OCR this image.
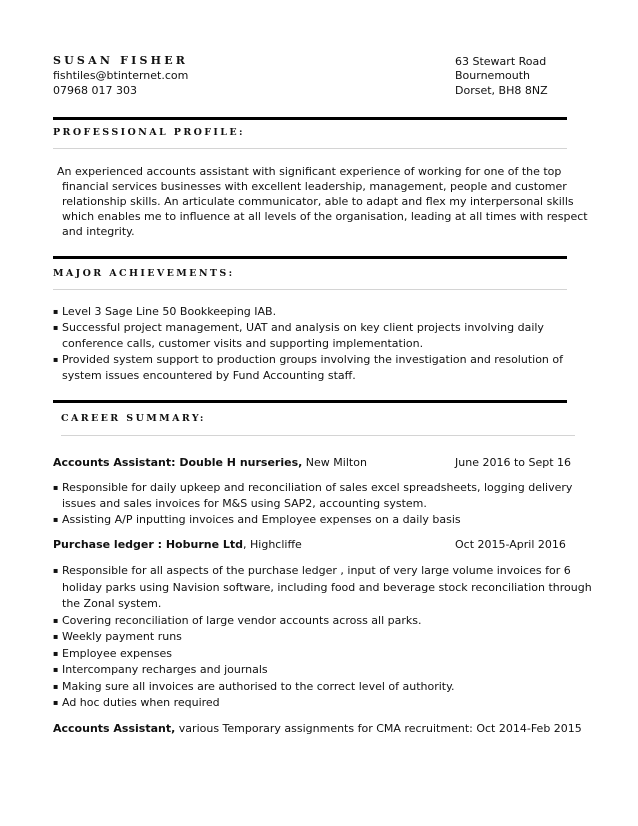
SUSAN FISHER
fishtiles@btinternet.com
07968 017 303
63 Stewart Road
Bournemouth
Dorset, BH8 8NZ
PROFESSIONAL PROFILE:
An experienced accounts assistant with significant experience of working for one of the top
financial services businesses with excellent leadership, management, people and customer
relationship skills. An articulate communicator, able to adapt and flex my interpersonal skills
which enables me to influence at all levels of the organisation, leading at all times with respect
and integrity.
MAJOR ACHIEVEMENTS:
▪ Level 3 Sage Line 50 Bookkeeping IAB.
▪ Successful project management, UAT and analysis on key client projects involving daily
conference calls, customer visits and supporting implementation.
▪ Provided system support to production groups involving the investigation and resolution of
system issues encountered by Fund Accounting staff.
CAREER SUMMARY:
Accounts Assistant: Double H nurseries, New Milton	June 2016 to Sept 16
▪ Responsible for daily upkeep and reconciliation of sales excel spreadsheets, logging delivery
issues and sales invoices for M&S using SAP2, accounting system.
▪ Assisting A/P inputting invoices and Employee expenses on a daily basis
Purchase ledger : Hoburne Ltd, Highcliffe	Oct 2015-April 2016
▪ Responsible for all aspects of the purchase ledger , input of very large volume invoices for 6
holiday parks using Navision software, including food and beverage stock reconciliation through
the Zonal system.
▪ Covering reconciliation of large vendor accounts across all parks.
▪ Weekly payment runs
▪ Employee expenses
▪ Intercompany recharges and journals
▪ Making sure all invoices are authorised to the correct level of authority.
▪ Ad hoc duties when required
Accounts Assistant, various Temporary assignments for CMA recruitment: Oct 2014-Feb 2015
